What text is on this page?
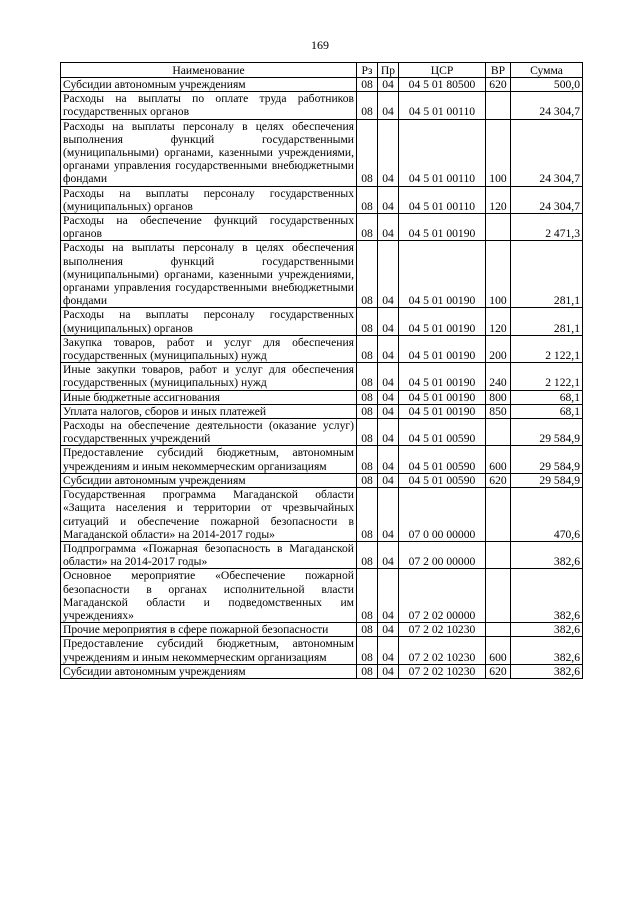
169
Наименование	Рз	Пр	ЦСР	ВР	Сумма
Субсидии автономным учреждениям	08	04	04 5 01 80500	620	500,0
Расходы на выплаты по оплате труда работников государственных органов	08	04	04 5 01 00110		24 304,7
Расходы на выплаты персоналу в целях обеспечения выполнения функций государственными (муниципальными) органами, казенными учреждениями, органами управления государственными внебюджетными фондами	08	04	04 5 01 00110	100	24 304,7
Расходы на выплаты персоналу государственных (муниципальных) органов	08	04	04 5 01 00110	120	24 304,7
Расходы на обеспечение функций государственных органов	08	04	04 5 01 00190		2 471,3
Расходы на выплаты персоналу в целях обеспечения выполнения функций государственными (муниципальными) органами, казенными учреждениями, органами управления государственными внебюджетными фондами	08	04	04 5 01 00190	100	281,1
Расходы на выплаты персоналу государственных (муниципальных) органов	08	04	04 5 01 00190	120	281,1
Закупка товаров, работ и услуг для обеспечения государственных (муниципальных) нужд	08	04	04 5 01 00190	200	2 122,1
Иные закупки товаров, работ и услуг для обеспечения государственных (муниципальных) нужд	08	04	04 5 01 00190	240	2 122,1
Иные бюджетные ассигнования	08	04	04 5 01 00190	800	68,1
Уплата налогов, сборов и иных платежей	08	04	04 5 01 00190	850	68,1
Расходы на обеспечение деятельности (оказание услуг) государственных учреждений	08	04	04 5 01 00590		29 584,9
Предоставление субсидий бюджетным, автономным учреждениям и иным некоммерческим организациям	08	04	04 5 01 00590	600	29 584,9
Субсидии автономным учреждениям	08	04	04 5 01 00590	620	29 584,9
Государственная программа Магаданской области «Защита населения и территории от чрезвычайных ситуаций и обеспечение пожарной безопасности в Магаданской области» на 2014-2017 годы»	08	04	07 0 00 00000		470,6
Подпрограмма «Пожарная безопасность в Магаданской области» на 2014-2017 годы»	08	04	07 2 00 00000		382,6
Основное мероприятие «Обеспечение пожарной безопасности в органах исполнительной власти Магаданской области и подведомственных им учреждениях»	08	04	07 2 02 00000		382,6
Прочие мероприятия в сфере пожарной безопасности	08	04	07 2 02 10230		382,6
Предоставление субсидий бюджетным, автономным учреждениям и иным некоммерческим организациям	08	04	07 2 02 10230	600	382,6
Субсидии автономным учреждениям	08	04	07 2 02 10230	620	382,6
